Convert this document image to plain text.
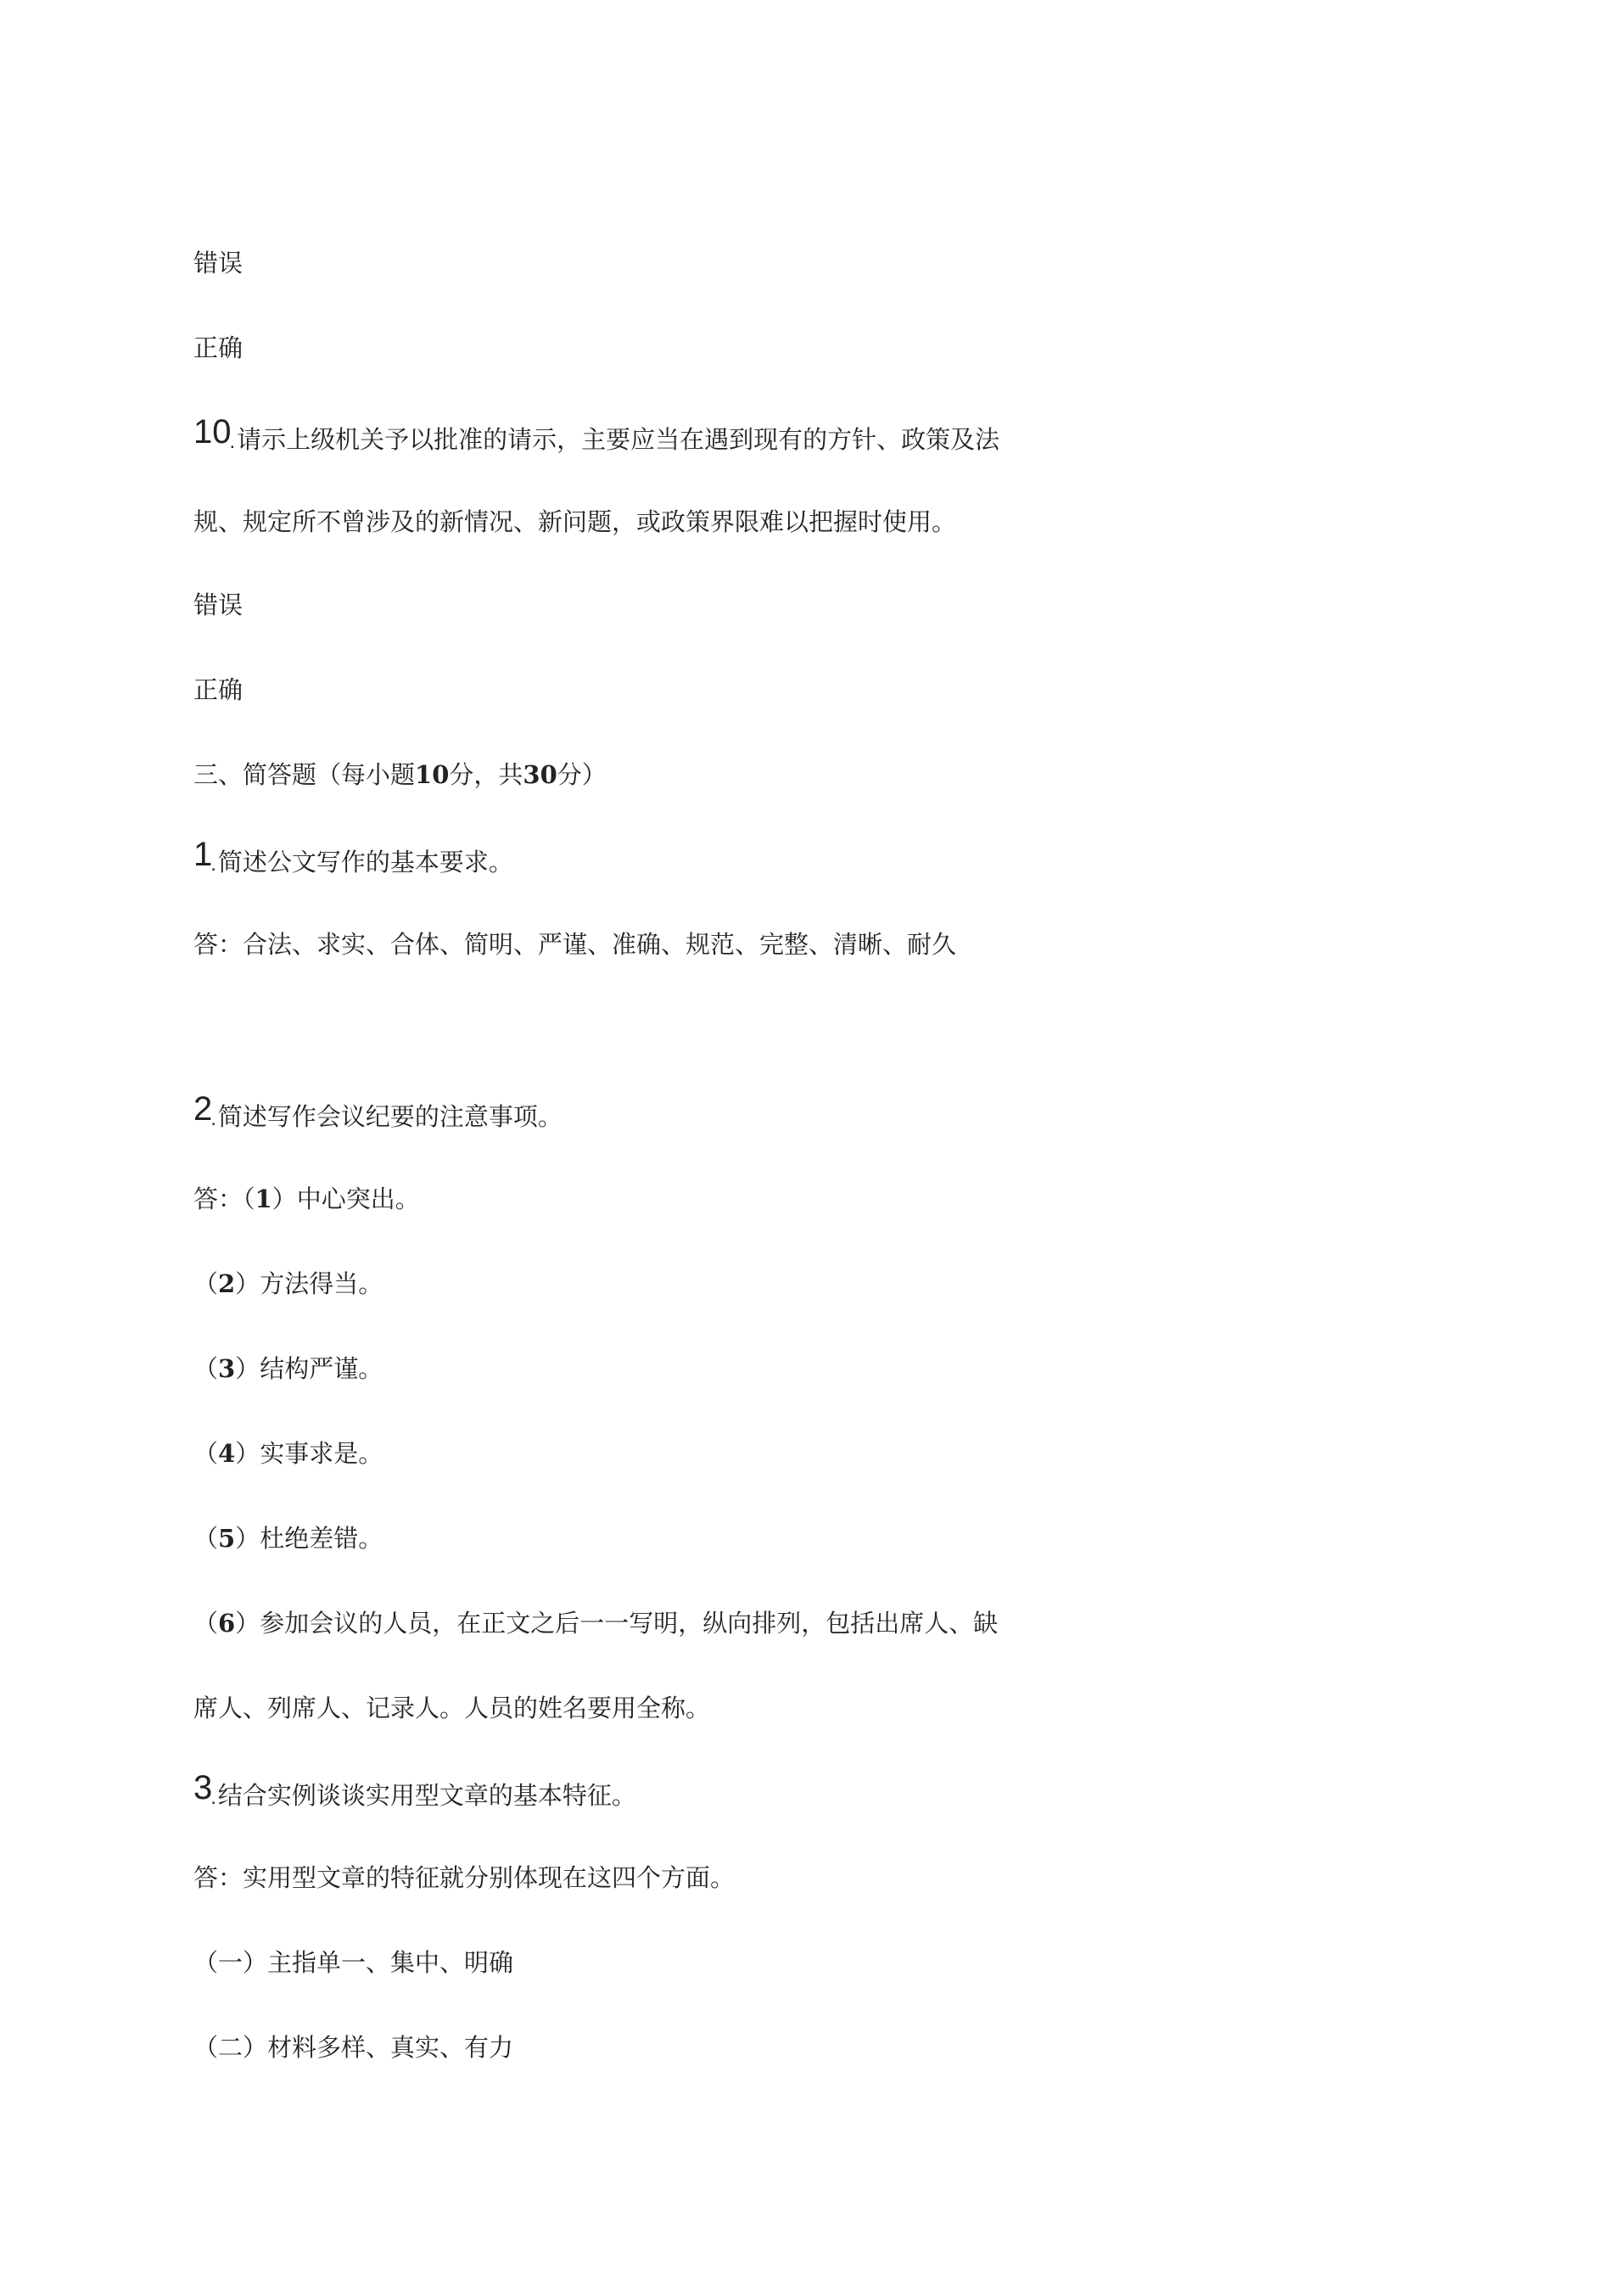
错误
正确
10.请示上级机关予以批准的请示，主要应当在遇到现有的方针、政策及法
规、规定所不曾涉及的新情况、新问题，或政策界限难以把握时使用。
错误
正确
三、简答题（每小题10分，共30分）
1.简述公文写作的基本要求。
答：合法、求实、合体、简明、严谨、准确、规范、完整、清晰、耐久
2.简述写作会议纪要的注意事项。
答：（1）中心突出。
（2）方法得当。
（3）结构严谨。
（4）实事求是。
（5）杜绝差错。
（6）参加会议的人员，在正文之后一一写明，纵向排列，包括出席人、缺
席人、列席人、记录人。人员的姓名要用全称。
3.结合实例谈谈实用型文章的基本特征。
答：实用型文章的特征就分别体现在这四个方面。
（一）主指单一、集中、明确
（二）材料多样、真实、有力
